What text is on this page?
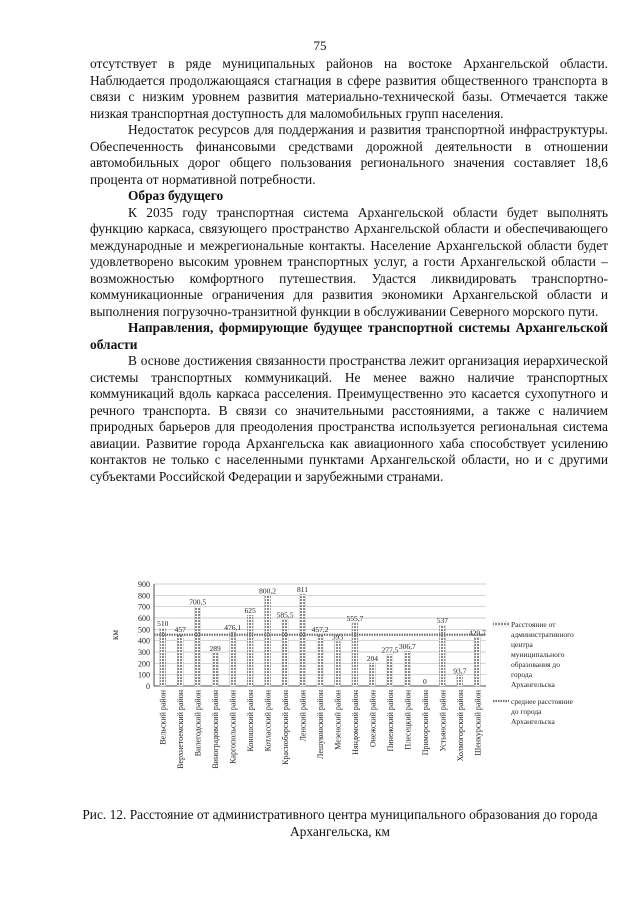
75

отсутствует в ряде муниципальных районов на востоке Архангельской области. Наблюдается продолжающаяся стагнация в сфере развития общественного транспорта в связи с низким уровнем развития материально-технической базы. Отмечается также низкая транспортная доступность для маломобильных групп населения.

Недостаток ресурсов для поддержания и развития транспортной инфраструктуры. Обеспеченность финансовыми средствами дорожной деятельности в отношении автомобильных дорог общего пользования регионального значения составляет 18,6 процента от нормативной потребности.

Образ будущего

К 2035 году транспортная система Архангельской области будет выполнять функцию каркаса, связующего пространство Архангельской области и обеспечивающего международные и межрегиональные контакты. Население Архангельской области будет удовлетворено высоким уровнем транспортных услуг, а гости Архангельской области – возможностью комфортного путешествия. Удастся ликвидировать транспортно-коммуникационные ограничения для развития экономики Архангельской области и выполнения погрузочно-транзитной функции в обслуживании Северного морского пути.

Направления, формирующие будущее транспортной системы Архангельской области

В основе достижения связанности пространства лежит организация иерархической системы транспортных коммуникаций. Не менее важно наличие транспортных коммуникаций вдоль каркаса расселения. Преимущественно это касается сухопутного и речного транспорта. В связи со значительными расстояниями, а также с наличием природных барьеров для преодоления пространства используется региональная система авиации. Развитие города Архангельска как авиационного хаба способствует усилению контактов не только с населенными пунктами Архангельской области, но и с другими субъектами Российской Федерации и зарубежными странами.

0
100
200
300
400
500
600
700
800
900
км
510
Вельский район
457
Верхнетоемский район
700,5
Вилегодский район
289
Виноградовский район
476,1
Каргопольский район
625
Коношский район
800,2
Котласский район
585,5
Красноборский район
811
Ленский район
457,2
Лешуконский район
393
Мезенский район
555,7
Няндомский район
204
Онежский район
277,5
Пинежский район
306,7
Плесецкий район
0
Приморский район
537
Устьянский район
93,7
Холмогорский район
429,7
Шенкурский район
Расстояние от
административного
центра
муниципального
образования до
города
Архангельска
среднее расстояние
до города
Архангельска
Рис. 12. Расстояние от административного центра муниципального образования до города Архангельска, км
